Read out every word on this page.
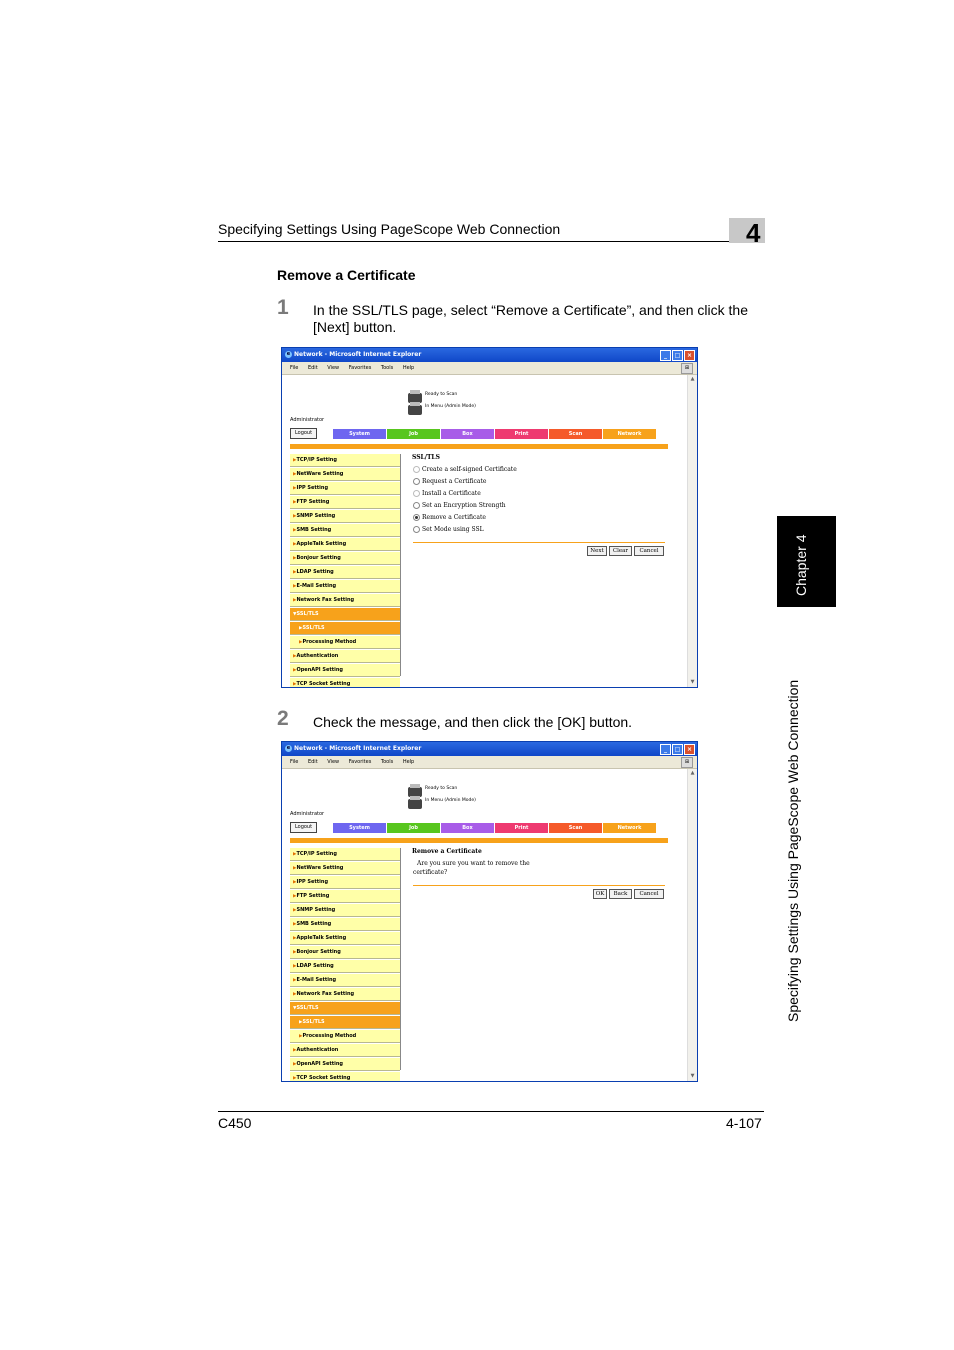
Specifying Settings Using PageScope Web Connection	4
Remove a Certificate
1 In the SSL/TLS page, select “Remove a Certificate”, and then click the [Next] button.
e Network - Microsoft Internet Explorer	_	□	×
File Edit View Favorites Tools Help	⊞
▲
▼
Ready to Scan
In Menu (Admin Mode)
Administrator
Logout	System	Job	Box	Print	Scan	Network
▶TCP/IP Setting
▶NetWare Setting
▶IPP Setting
▶FTP Setting
▶SNMP Setting
▶SMB Setting
▶AppleTalk Setting
▶Bonjour Setting
▶LDAP Setting
▶E-Mail Setting
▶Network Fax Setting
▼SSL/TLS
▶SSL/TLS
▶Processing Method
▶Authentication
▶OpenAPI Setting
▶TCP Socket Setting
SSL/TLS
Create a self-signed Certificate
Request a Certificate
Install a Certificate
Set an Encryption Strength
Remove a Certificate
Set Mode using SSL
Next	Clear	Cancel
2 Check the message, and then click the [OK] button.
e Network - Microsoft Internet Explorer	_	□	×
File Edit View Favorites Tools Help	⊞
▲
▼
Ready to Scan
In Menu (Admin Mode)
Administrator
Logout	System	Job	Box	Print	Scan	Network
▶TCP/IP Setting
▶NetWare Setting
▶IPP Setting
▶FTP Setting
▶SNMP Setting
▶SMB Setting
▶AppleTalk Setting
▶Bonjour Setting
▶LDAP Setting
▶E-Mail Setting
▶Network Fax Setting
▼SSL/TLS
▶SSL/TLS
▶Processing Method
▶Authentication
▶OpenAPI Setting
▶TCP Socket Setting
Remove a Certificate
Are you sure you want to remove the certificate?
OK	Back	Cancel
Chapter 4
Specifying Settings Using PageScope Web Connection
C450	4-107
